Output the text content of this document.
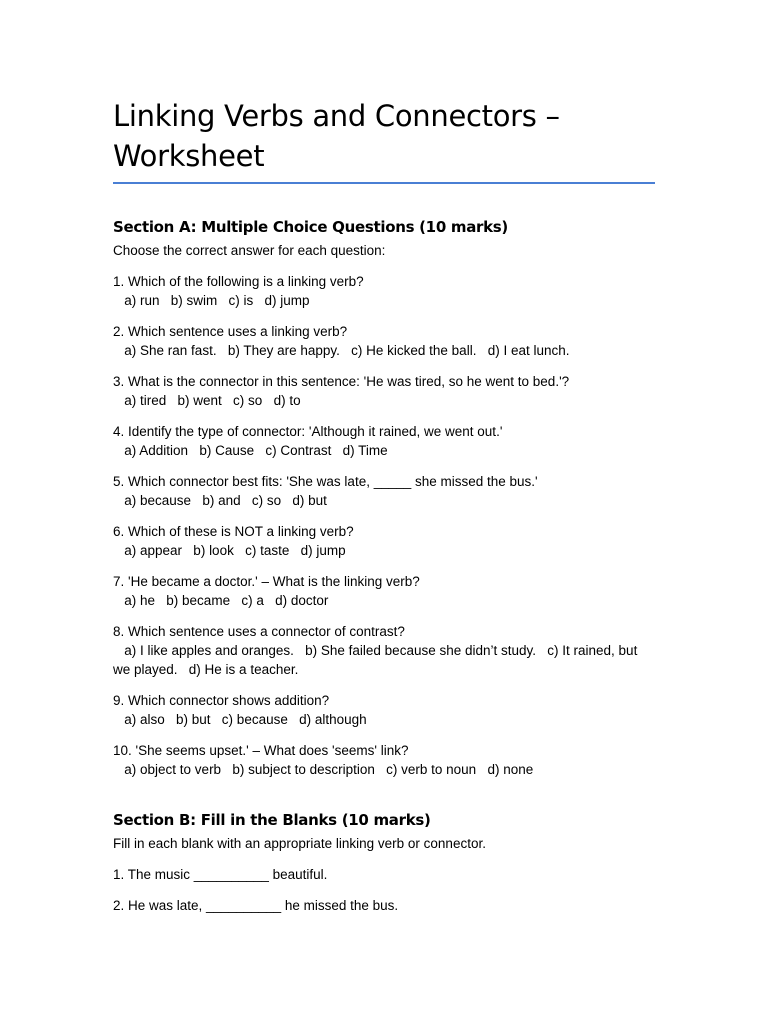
Linking Verbs and Connectors – Worksheet
Section A: Multiple Choice Questions (10 marks)
Choose the correct answer for each question:
1. Which of the following is a linking verb?
a) run   b) swim   c) is   d) jump
2. Which sentence uses a linking verb?
a) She ran fast.   b) They are happy.   c) He kicked the ball.   d) I eat lunch.
3. What is the connector in this sentence: 'He was tired, so he went to bed.'?
a) tired   b) went   c) so   d) to
4. Identify the type of connector: 'Although it rained, we went out.'
a) Addition   b) Cause   c) Contrast   d) Time
5. Which connector best fits: 'She was late, _____ she missed the bus.'
a) because   b) and   c) so   d) but
6. Which of these is NOT a linking verb?
a) appear   b) look   c) taste   d) jump
7. 'He became a doctor.' – What is the linking verb?
a) he   b) became   c) a   d) doctor
8. Which sentence uses a connector of contrast?
a) I like apples and oranges.   b) She failed because she didn’t study.   c) It rained, but we played.   d) He is a teacher.
9. Which connector shows addition?
a) also   b) but   c) because   d) although
10. 'She seems upset.' – What does 'seems' link?
a) object to verb   b) subject to description   c) verb to noun   d) none
Section B: Fill in the Blanks (10 marks)
Fill in each blank with an appropriate linking verb or connector.
1. The music __________ beautiful.
2. He was late, __________ he missed the bus.
